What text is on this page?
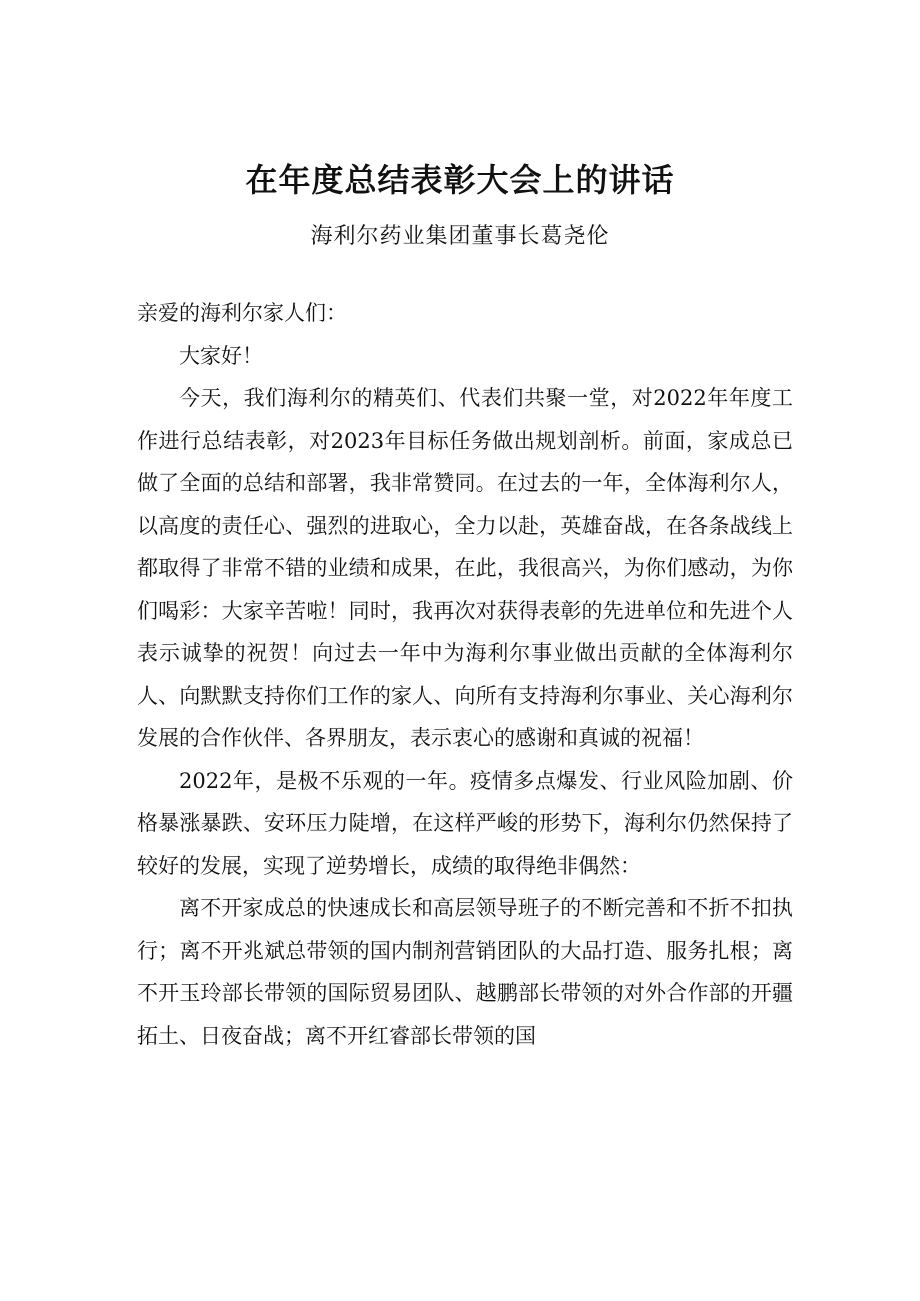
在年度总结表彰大会上的讲话
海利尔药业集团董事长葛尧伦

亲爱的海利尔家人们：

大家好！

今天，我们海利尔的精英们、代表们共聚一堂，对2022年年度工作进行总结表彰，对2023年目标任务做出规划剖析。前面，家成总已做了全面的总结和部署，我非常赞同。在过去的一年，全体海利尔人，以高度的责任心、强烈的进取心，全力以赴，英雄奋战，在各条战线上都取得了非常不错的业绩和成果，在此，我很高兴，为你们感动，为你们喝彩：大家辛苦啦！同时，我再次对获得表彰的先进单位和先进个人表示诚挚的祝贺！向过去一年中为海利尔事业做出贡献的全体海利尔人、向默默支持你们工作的家人、向所有支持海利尔事业、关心海利尔发展的合作伙伴、各界朋友，表示衷心的感谢和真诚的祝福！

2022年，是极不乐观的一年。疫情多点爆发、行业风险加剧、价格暴涨暴跌、安环压力陡增，在这样严峻的形势下，海利尔仍然保持了较好的发展，实现了逆势增长，成绩的取得绝非偶然：

离不开家成总的快速成长和高层领导班子的不断完善和不折不扣执行；离不开兆斌总带领的国内制剂营销团队的大品打造、服务扎根；离不开玉玲部长带领的国际贸易团队、越鹏部长带领的对外合作部的开疆拓土、日夜奋战；离不开红睿部长带领的国
